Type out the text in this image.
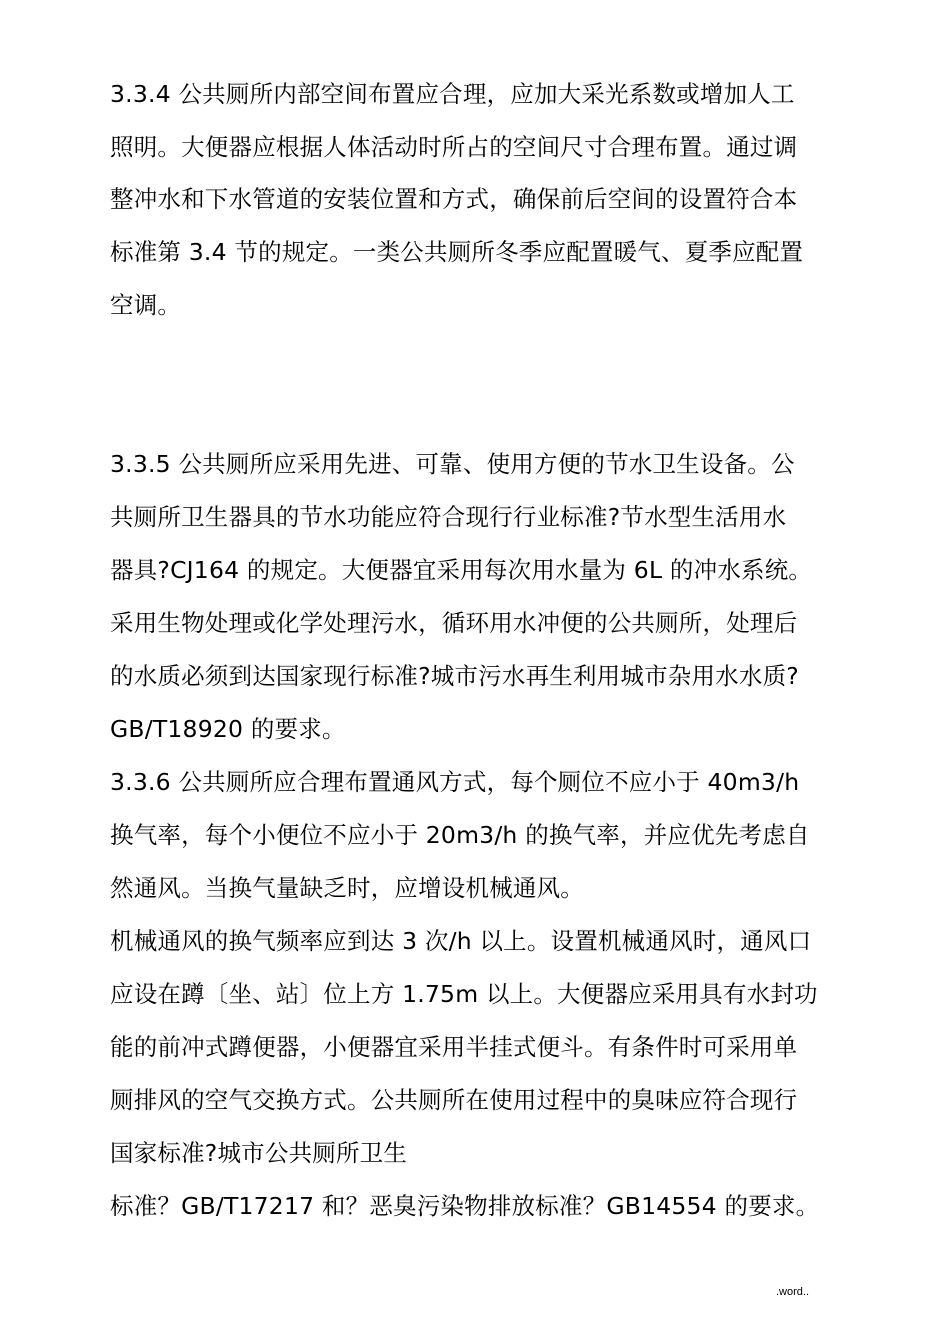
3.3.4 公共厕所内部空间布置应合理，应加大采光系数或增加人工
照明。大便器应根据人体活动时所占的空间尺寸合理布置。通过调
整冲水和下水管道的安装位置和方式，确保前后空间的设置符合本
标准第 3.4 节的规定。一类公共厕所冬季应配置暖气、夏季应配置
空调。
3.3.5 公共厕所应采用先进、可靠、使用方便的节水卫生设备。公
共厕所卫生器具的节水功能应符合现行行业标准?节水型生活用水
器具?CJ164 的规定。大便器宜采用每次用水量为 6L 的冲水系统。
采用生物处理或化学处理污水，循环用水冲便的公共厕所，处理后
的水质必须到达国家现行标准?城市污水再生利用城市杂用水水质?
GB/T18920 的要求。
3.3.6 公共厕所应合理布置通风方式，每个厕位不应小于 40m3/h
换气率，每个小便位不应小于 20m3/h 的换气率，并应优先考虑自
然通风。当换气量缺乏时，应增设机械通风。
机械通风的换气频率应到达 3 次/h 以上。设置机械通风时，通风口
应设在蹲〔坐、站〕位上方 1.75m 以上。大便器应采用具有水封功
能的前冲式蹲便器，小便器宜采用半挂式便斗。有条件时可采用单
厕排风的空气交换方式。公共厕所在使用过程中的臭味应符合现行
国家标准?城市公共厕所卫生
标准？GB/T17217 和？恶臭污染物排放标准？GB14554 的要求。
.word..
